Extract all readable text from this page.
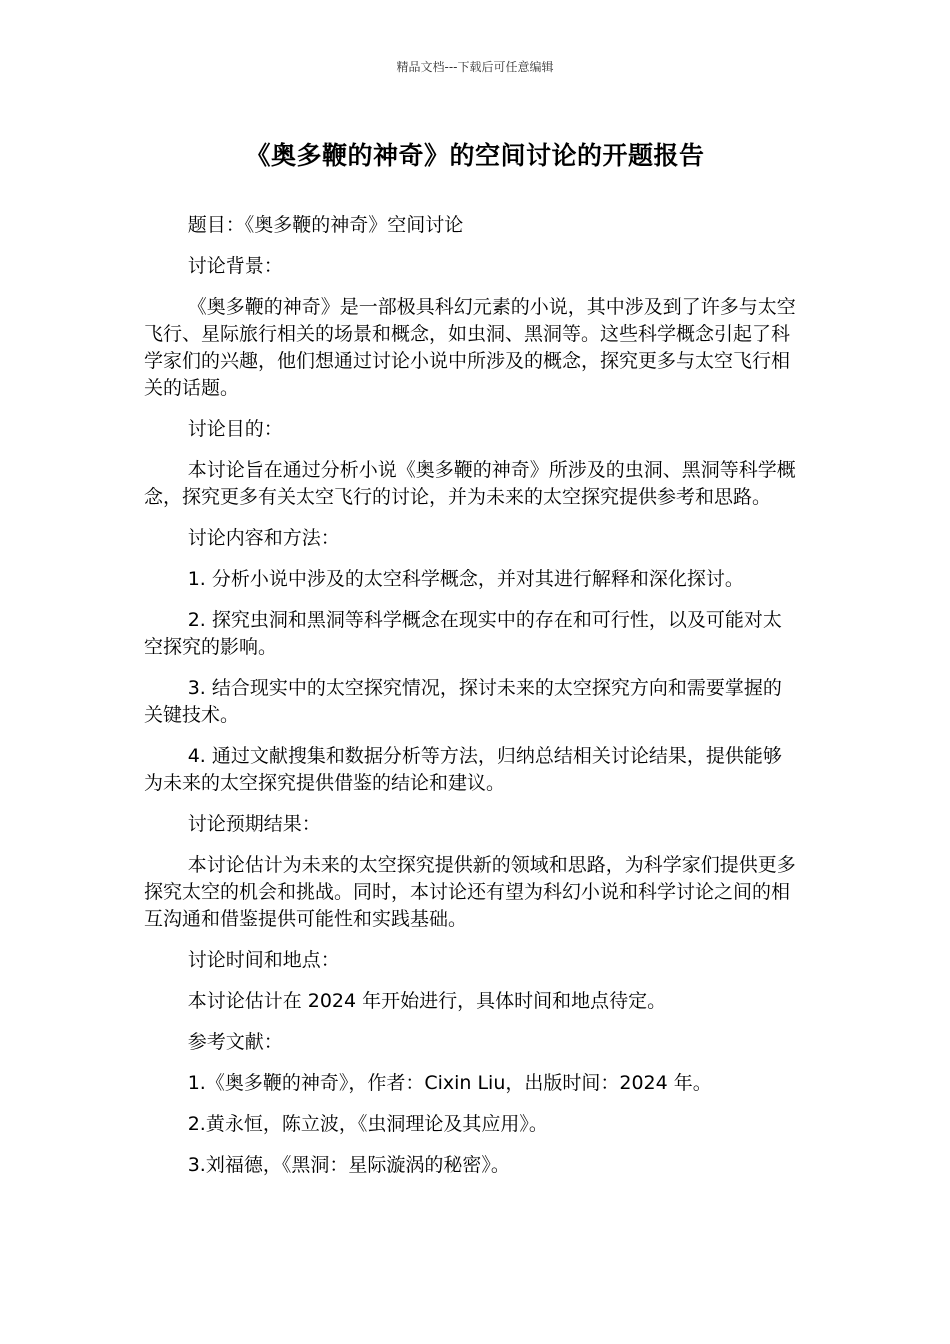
精品文档---下载后可任意编辑
《奥多鞭的神奇》的空间讨论的开题报告

题目：《奥多鞭的神奇》空间讨论

讨论背景：

《奥多鞭的神奇》是一部极具科幻元素的小说，其中涉及到了许多与太空飞行、星际旅行相关的场景和概念，如虫洞、黑洞等。这些科学概念引起了科学家们的兴趣，他们想通过讨论小说中所涉及的概念，探究更多与太空飞行相关的话题。

讨论目的：

本讨论旨在通过分析小说《奥多鞭的神奇》所涉及的虫洞、黑洞等科学概念，探究更多有关太空飞行的讨论，并为未来的太空探究提供参考和思路。

讨论内容和方法：

1. 分析小说中涉及的太空科学概念，并对其进行解释和深化探讨。

2. 探究虫洞和黑洞等科学概念在现实中的存在和可行性，以及可能对太空探究的影响。

3. 结合现实中的太空探究情况，探讨未来的太空探究方向和需要掌握的关键技术。

4. 通过文献搜集和数据分析等方法，归纳总结相关讨论结果，提供能够为未来的太空探究提供借鉴的结论和建议。

讨论预期结果：

本讨论估计为未来的太空探究提供新的领域和思路，为科学家们提供更多探究太空的机会和挑战。同时，本讨论还有望为科幻小说和科学讨论之间的相互沟通和借鉴提供可能性和实践基础。

讨论时间和地点：

本讨论估计在 2024 年开始进行，具体时间和地点待定。

参考文献：

1.《奥多鞭的神奇》，作者：Cixin Liu，出版时间：2024 年。

2.黄永恒，陈立波，《虫洞理论及其应用》。

3.刘福德，《黑洞：星际漩涡的秘密》。
